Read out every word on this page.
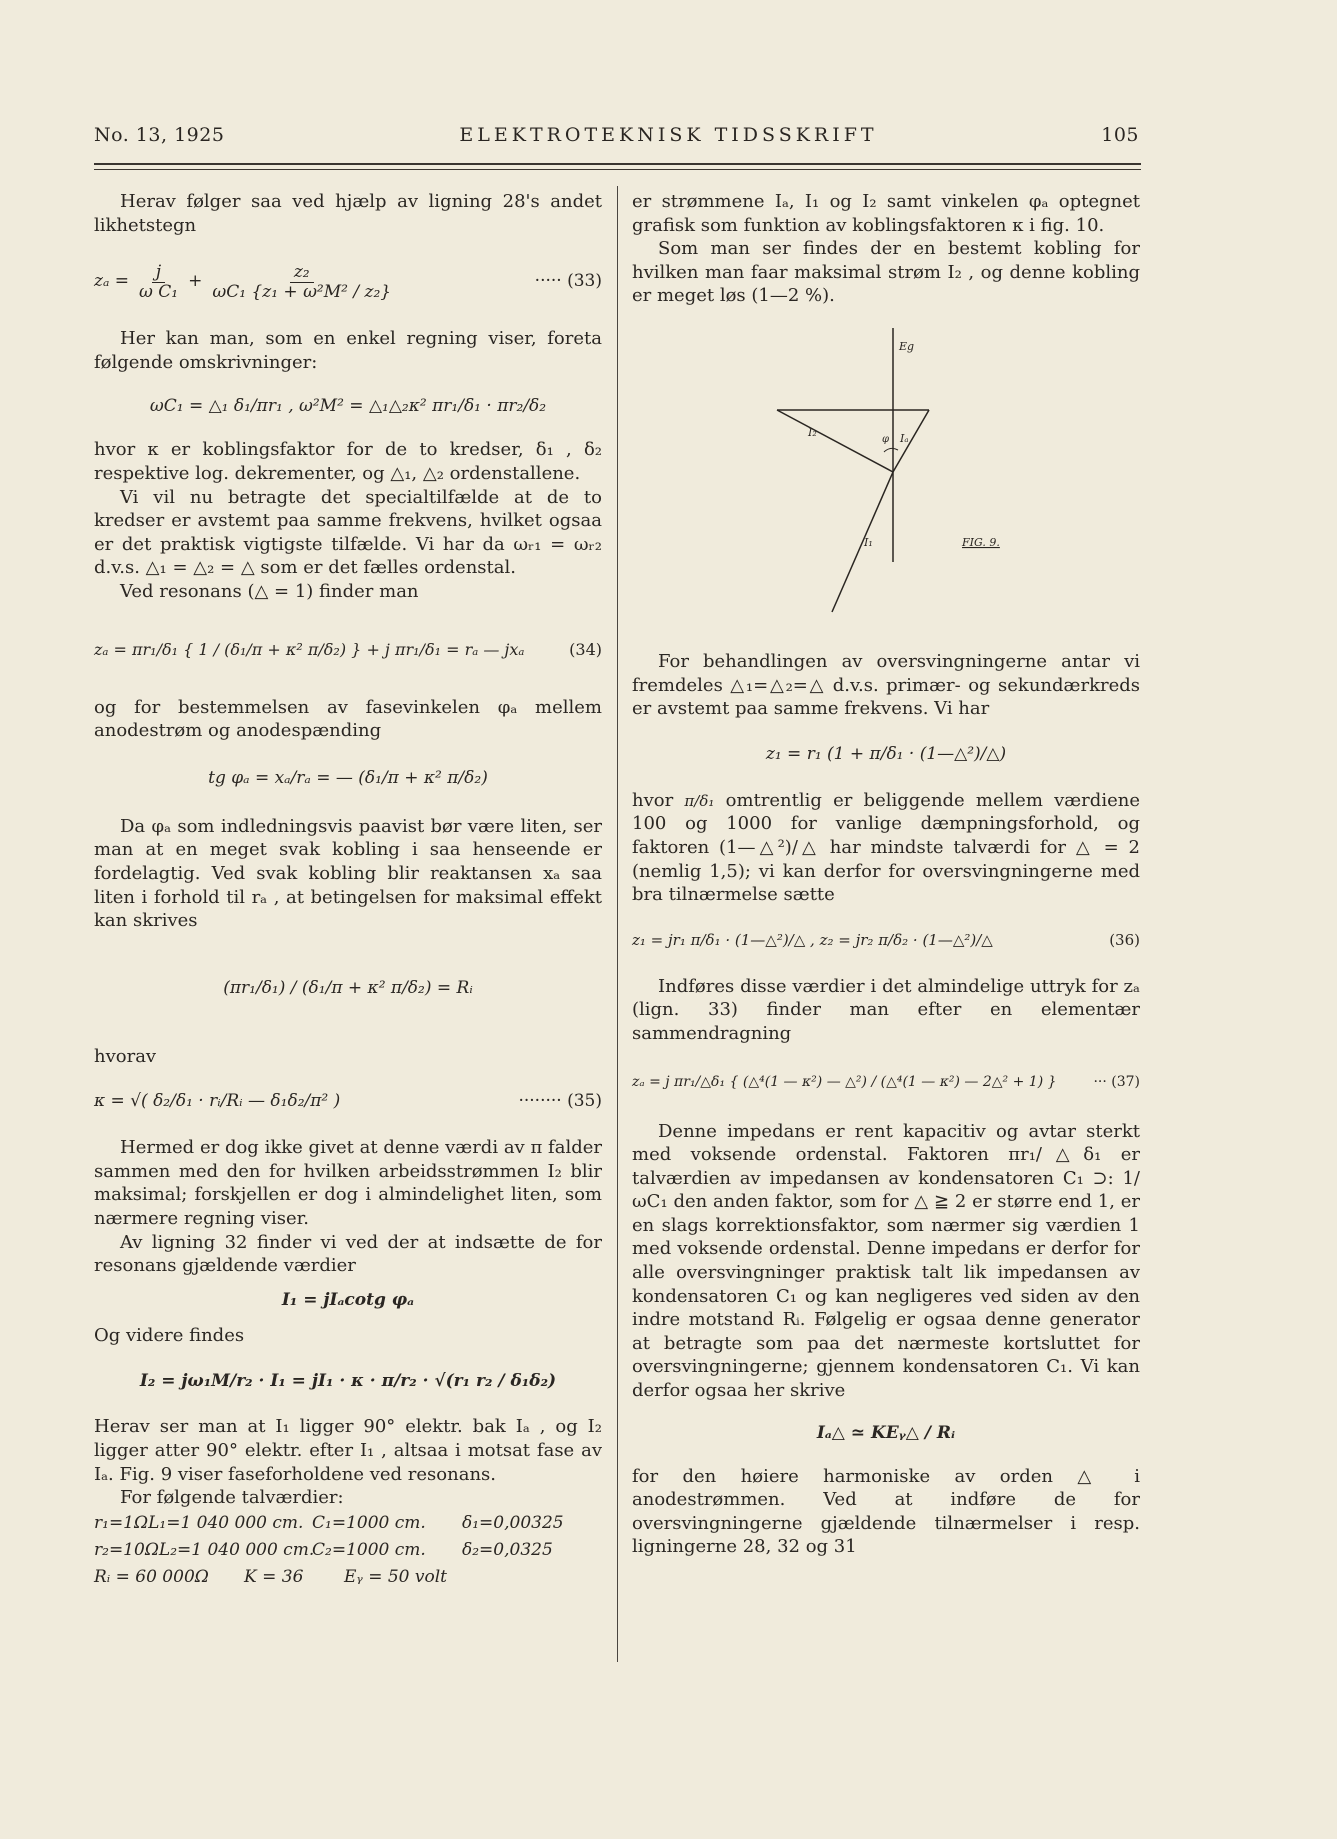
No. 13, 1925	ELEKTROTEKNISK TIDSSKRIFT	105

Herav følger saa ved hjælp av ligning 28's andet likhetstegn

$z_a = \frac{j}{\text{ω C₁}} + \frac{\text{z₂}}{\text{ωC₁ \{z₁ + ω²M² / z₂\}}}$	····· (33)

Her kan man, som en enkel regning viser, foreta følgende omskrivninger:

ωC₁ = △₁ δ₁/πr₁ , ω²M² = △₁△₂κ² πr₁/δ₁ · πr₂/δ₂

hvor κ er koblingsfaktor for de to kredser, δ₁ , δ₂ respektive log. dekrementer, og △₁, △₂ ordenstallene.

Vi vil nu betragte det specialtilfælde at de to kredser er avstemt paa samme frekvens, hvilket ogsaa er det praktisk vigtigste tilfælde. Vi har da ωᵣ₁ = ωᵣ₂ d.v.s. △₁ = △₂ = △ som er det fælles ordenstal.

Ved resonans (△ = 1) finder man

zₐ = πr₁/δ₁ { 1 / (δ₁/π + κ² π/δ₂) } + j πr₁/δ₁ = rₐ — jxₐ	(34)

og for bestemmelsen av fasevinkelen φₐ mellem anodestrøm og anodespænding

tg φₐ = xₐ/rₐ = — (δ₁/π + κ² π/δ₂)

Da φₐ som indledningsvis paavist bør være liten, ser man at en meget svak kobling i saa henseende er fordelagtig. Ved svak kobling blir reaktansen xₐ saa liten i forhold til rₐ , at betingelsen for maksimal effekt kan skrives

(πr₁/δ₁) / (δ₁/π + κ² π/δ₂) = Rᵢ

hvorav

κ = √( δ₂/δ₁ · rᵢ/Rᵢ — δ₁δ₂/π² )	········ (35)

Hermed er dog ikke givet at denne værdi av π falder sammen med den for hvilken arbeidsstrømmen I₂ blir maksimal; forskjellen er dog i almindelighet liten, som nærmere regning viser.

Av ligning 32 finder vi ved der at indsætte de for resonans gjældende værdier

I₁ = jIₐcotg φₐ

Og videre findes

I₂ = jω₁M/r₂ · I₁ = jI₁ · κ · π/r₂ · √(r₁ r₂ / δ₁δ₂)

Herav ser man at I₁ ligger 90° elektr. bak Iₐ , og I₂ ligger atter 90° elektr. efter I₁ , altsaa i motsat fase av Iₐ. Fig. 9 viser faseforholdene ved resonans.

For følgende talværdier:

r₁=1ΩL₁=1 040 000 cm. C₁=1000 cm. δ₁=0,00325
r₂=10ΩL₂=1 040 000 cm.C₂=1000 cm. δ₂=0,0325
Rᵢ = 60 000Ω K = 36 Eᵧ = 50 volt

er strømmene Iₐ, I₁ og I₂ samt vinkelen φₐ optegnet grafisk som funktion av koblingsfaktoren κ i fig. 10.

Som man ser findes der en bestemt kobling for hvilken man faar maksimal strøm I₂ , og denne kobling er meget løs (1—2 %).

Eg
I₂
φ Iₐ
I₁	FIG. 9.

For behandlingen av oversvingningerne antar vi fremdeles △₁=△₂=△ d.v.s. primær- og sekundærkreds er avstemt paa samme frekvens. Vi har

z₁ = r₁ (1 + π/δ₁ · (1—△²)/△)

hvor π/δ₁ omtrentlig er beliggende mellem værdiene 100 og 1000 for vanlige dæmpningsforhold, og faktoren (1—△²)/△ har mindste talværdi for △ = 2 (nemlig 1,5); vi kan derfor for oversvingningerne med bra tilnærmelse sætte

z₁ = jr₁ π/δ₁ · (1—△²)/△ , z₂ = jr₂ π/δ₂ · (1—△²)/△	(36)

Indføres disse værdier i det almindelige uttryk for zₐ (lign. 33) finder man efter en elementær sammendragning

zₐ = j πr₁/△δ₁ { (△⁴(1 — κ²) — △²) / (△⁴(1 — κ²) — 2△² + 1) }	··· (37)

Denne impedans er rent kapacitiv og avtar sterkt med voksende ordenstal. Faktoren πr₁/△δ₁ er talværdien av impedansen av kondensatoren C₁ ⊃: 1/ωC₁ den anden faktor, som for △ ≧ 2 er større end 1, er en slags korrektionsfaktor, som nærmer sig værdien 1 med voksende ordenstal. Denne impedans er derfor for alle oversvingninger praktisk talt lik impedansen av kondensatoren C₁ og kan negligeres ved siden av den indre motstand Rᵢ. Følgelig er ogsaa denne generator at betragte som paa det nærmeste kortsluttet for oversvingningerne; gjennem kondensatoren C₁. Vi kan derfor ogsaa her skrive

Iₐ△ ≃ KEᵧ△ / Rᵢ

for den høiere harmoniske av orden △ i anodestrømmen. Ved at indføre de for oversvingningerne gjældende tilnærmelser i resp. ligningerne 28, 32 og 31
